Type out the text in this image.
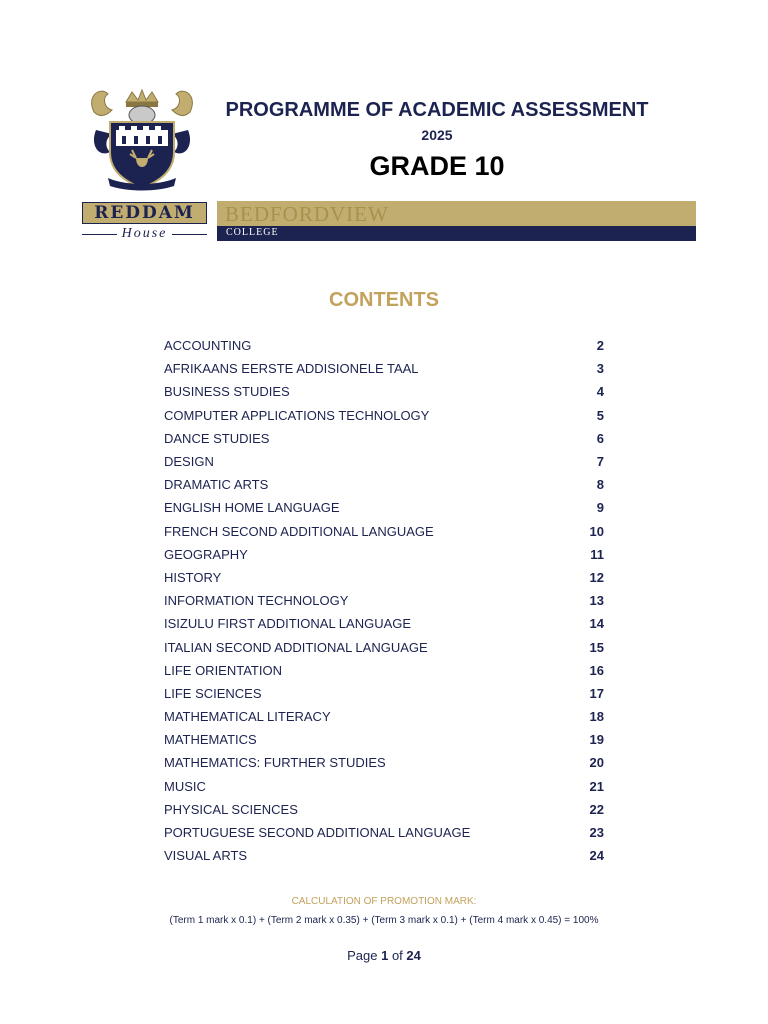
REDDAM
House
BEDFORDVIEW
COLLEGE
PROGRAMME OF ACADEMIC ASSESSMENT
2025
GRADE 10
CONTENTS
ACCOUNTING	2
AFRIKAANS EERSTE ADDISIONELE TAAL	3
BUSINESS STUDIES	4
COMPUTER APPLICATIONS TECHNOLOGY	5
DANCE STUDIES	6
DESIGN	7
DRAMATIC ARTS	8
ENGLISH HOME LANGUAGE	9
FRENCH SECOND ADDITIONAL LANGUAGE	10
GEOGRAPHY	11
HISTORY	12
INFORMATION TECHNOLOGY	13
ISIZULU FIRST ADDITIONAL LANGUAGE	14
ITALIAN SECOND ADDITIONAL LANGUAGE	15
LIFE ORIENTATION	16
LIFE SCIENCES	17
MATHEMATICAL LITERACY	18
MATHEMATICS	19
MATHEMATICS: FURTHER STUDIES	20
MUSIC	21
PHYSICAL SCIENCES	22
PORTUGUESE SECOND ADDITIONAL LANGUAGE	23
VISUAL ARTS	24
CALCULATION OF PROMOTION MARK:
(Term 1 mark x 0.1) + (Term 2 mark x 0.35) + (Term 3 mark x 0.1) + (Term 4 mark x 0.45) = 100%
Page 1 of 24
